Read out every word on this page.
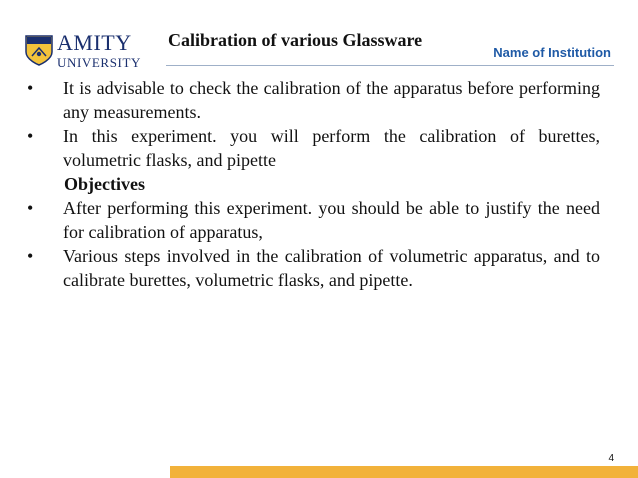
AMITY
UNIVERSITY
Calibration of various Glassware
Name of Institution
• It is advisable to check the calibration of the apparatus before performing any measurements.
• In this experiment. you will perform the calibration of burettes, volumetric flasks, and pipette
Objectives
• After performing this experiment. you should be able to justify the need for calibration of apparatus,
• Various steps involved in the calibration of volumetric apparatus, and to calibrate burettes, volumetric flasks, and pipette.
4
